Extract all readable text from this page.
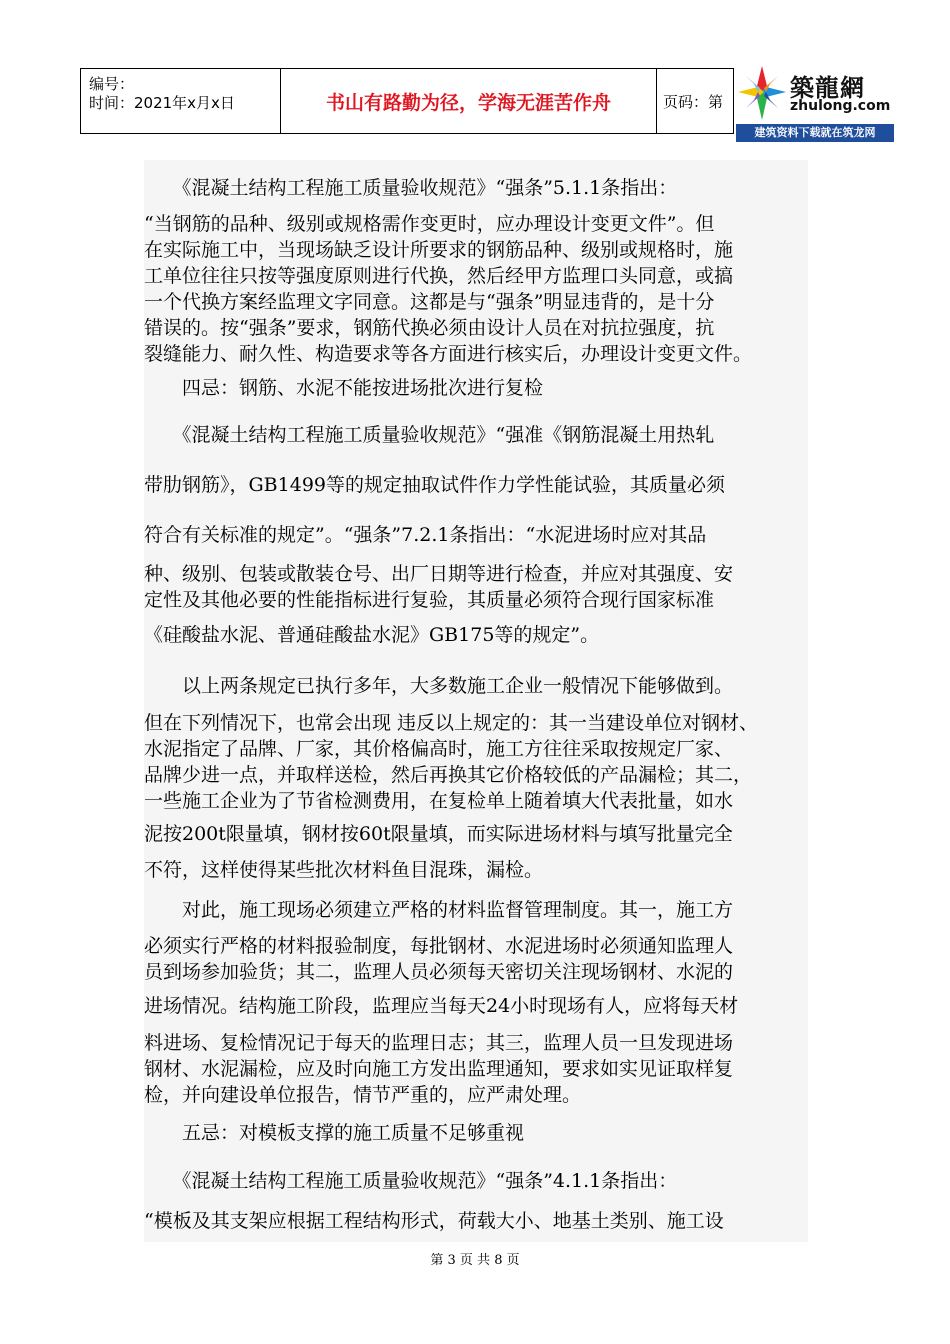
编号：
时间：2021年x月x日	书山有路勤为径，学海无涯苦作舟	页码：第	築龍網
zhulong.com
建筑资料下载就在筑龙网
　　《混凝土结构工程施工质量验收规范》“强条”5.1.1条指出：
“当钢筋的品种、级别或规格需作变更时，应办理设计变更文件”。但
在实际施工中，当现场缺乏设计所要求的钢筋品种、级别或规格时，施
工单位往往只按等强度原则进行代换，然后经甲方监理口头同意，或搞
一个代换方案经监理文字同意。这都是与“强条”明显违背的，是十分
错误的。按“强条”要求，钢筋代换必须由设计人员在对抗拉强度，抗
裂缝能力、耐久性、构造要求等各方面进行核实后，办理设计变更文件。
　　四忌：钢筋、水泥不能按进场批次进行复检
　　《混凝土结构工程施工质量验收规范》“强准《钢筋混凝土用热轧
带肋钢筋》，GB1499等的规定抽取试件作力学性能试验，其质量必须
符合有关标准的规定”。“强条”7.2.1条指出：“水泥进场时应对其品
种、级别、包装或散装仓号、出厂日期等进行检查，并应对其强度、安
定性及其他必要的性能指标进行复验，其质量必须符合现行国家标准
《硅酸盐水泥、普通硅酸盐水泥》GB175等的规定”。
　　以上两条规定已执行多年，大多数施工企业一般情况下能够做到。
但在下列情况下，也常会出现 违反以上规定的：其一当建设单位对钢材、
水泥指定了品牌、厂家，其价格偏高时，施工方往往采取按规定厂家、
品牌少进一点，并取样送检，然后再换其它价格较低的产品漏检；其二，
一些施工企业为了节省检测费用，在复检单上随着填大代表批量，如水
泥按200t限量填，钢材按60t限量填，而实际进场材料与填写批量完全
不符，这样使得某些批次材料鱼目混珠，漏检。
　　对此，施工现场必须建立严格的材料监督管理制度。其一，施工方
必须实行严格的材料报验制度，每批钢材、水泥进场时必须通知监理人
员到场参加验货；其二，监理人员必须每天密切关注现场钢材、水泥的
进场情况。结构施工阶段，监理应当每天24小时现场有人，应将每天材
料进场、复检情况记于每天的监理日志；其三，监理人员一旦发现进场
钢材、水泥漏检，应及时向施工方发出监理通知，要求如实见证取样复
检，并向建设单位报告，情节严重的，应严肃处理。
　　五忌：对模板支撑的施工质量不足够重视
　　《混凝土结构工程施工质量验收规范》“强条”4.1.1条指出：
“模板及其支架应根据工程结构形式，荷载大小、地基土类别、施工设
第 3 页 共 8 页
